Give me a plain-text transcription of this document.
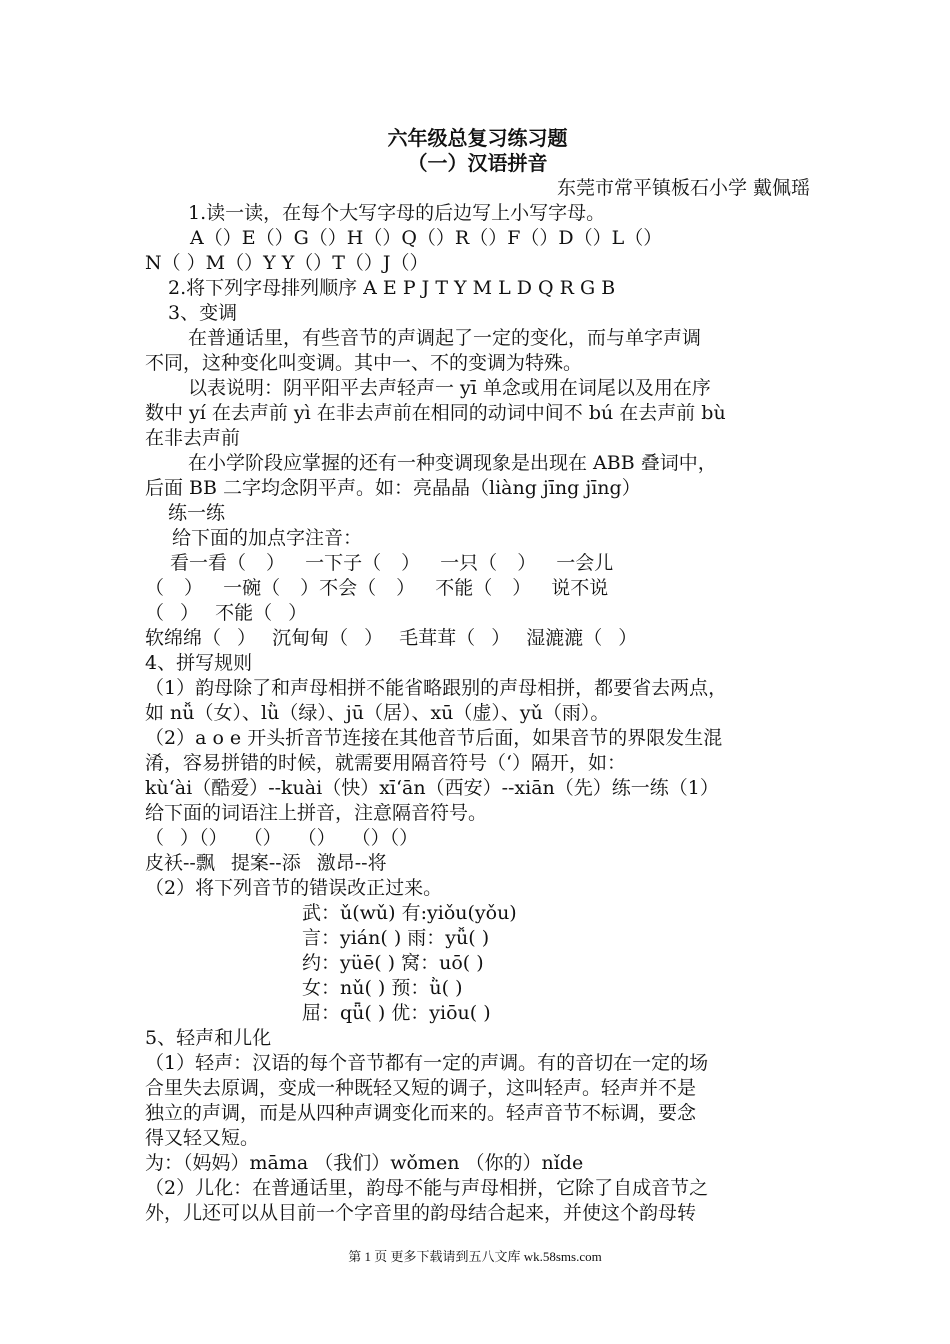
六年级总复习练习题
（一）汉语拼音
东莞市常平镇板石小学 戴佩瑶
1.读一读，在每个大写字母的后边写上小写字母。
A（）E（）G（）H（）Q（）R（）F（）D（）L（）
N（ ）M（）Y Y（）T（）J（）
2.将下列字母排列顺序 A E P J T Y M L D Q R G B
3、变调
在普通话里，有些音节的声调起了一定的变化，而与单字声调
不同，这种变化叫变调。其中一、不的变调为特殊。
以表说明：阴平阳平去声轻声一 yī 单念或用在词尾以及用在序
数中 yí 在去声前 yì 在非去声前在相同的动词中间不 bú 在去声前 bù
在非去声前
在小学阶段应掌握的还有一种变调现象是出现在 ABB 叠词中，
后面 BB 二字均念阴平声。如：亮晶晶（liàng jīng jīng）
练一练
给下面的加点字注音：
看一看（ ） 一下子（ ） 一只（ ） 一会儿
（ ） 一碗（ ）不会（ ） 不能（ ） 说不说
（ ） 不能（ ）
软绵绵（ ） 沉甸甸（ ） 毛茸茸（ ） 湿漉漉（ ）
4、拼写规则
（1）韵母除了和声母相拼不能省略跟别的声母相拼，都要省去两点，
如 nǚ（女）、lǜ（绿）、jū（居）、xū（虚）、yǔ（雨）。
（2）a o e 开头折音节连接在其他音节后面，如果音节的界限发生混
淆，容易拼错的时候，就需要用隔音符号（‘）隔开，如：
kù‘ài（酷爱）--kuài（快）xī‘ān（西安）--xiān（先）练一练（1）
给下面的词语注上拼音，注意隔音符号。
（ ）（） （） （） （）（）
皮袄--飘 提案--添 激昂--将
（2）将下列音节的错误改正过来。
武：ǔ(wǔ) 有:yiǒu(yǒu)
言：yián( ) 雨：yǚ( )
约：yüē( ) 窝：uō( )
女：nǔ( ) 预：ǜ( )
屈：qǖ( ) 优：yiōu( )
5、轻声和儿化
（1）轻声：汉语的每个音节都有一定的声调。有的音切在一定的场
合里失去原调，变成一种既轻又短的调子，这叫轻声。轻声并不是
独立的声调，而是从四种声调变化而来的。轻声音节不标调，要念
得又轻又短。
为：（妈妈）māma （我们）wǒmen （你的）nǐde
（2）儿化：在普通话里，韵母不能与声母相拼，它除了自成音节之
外，儿还可以从目前一个字音里的韵母结合起来，并使这个韵母转
第 1 页 更多下载请到五八文库 wk.58sms.com
